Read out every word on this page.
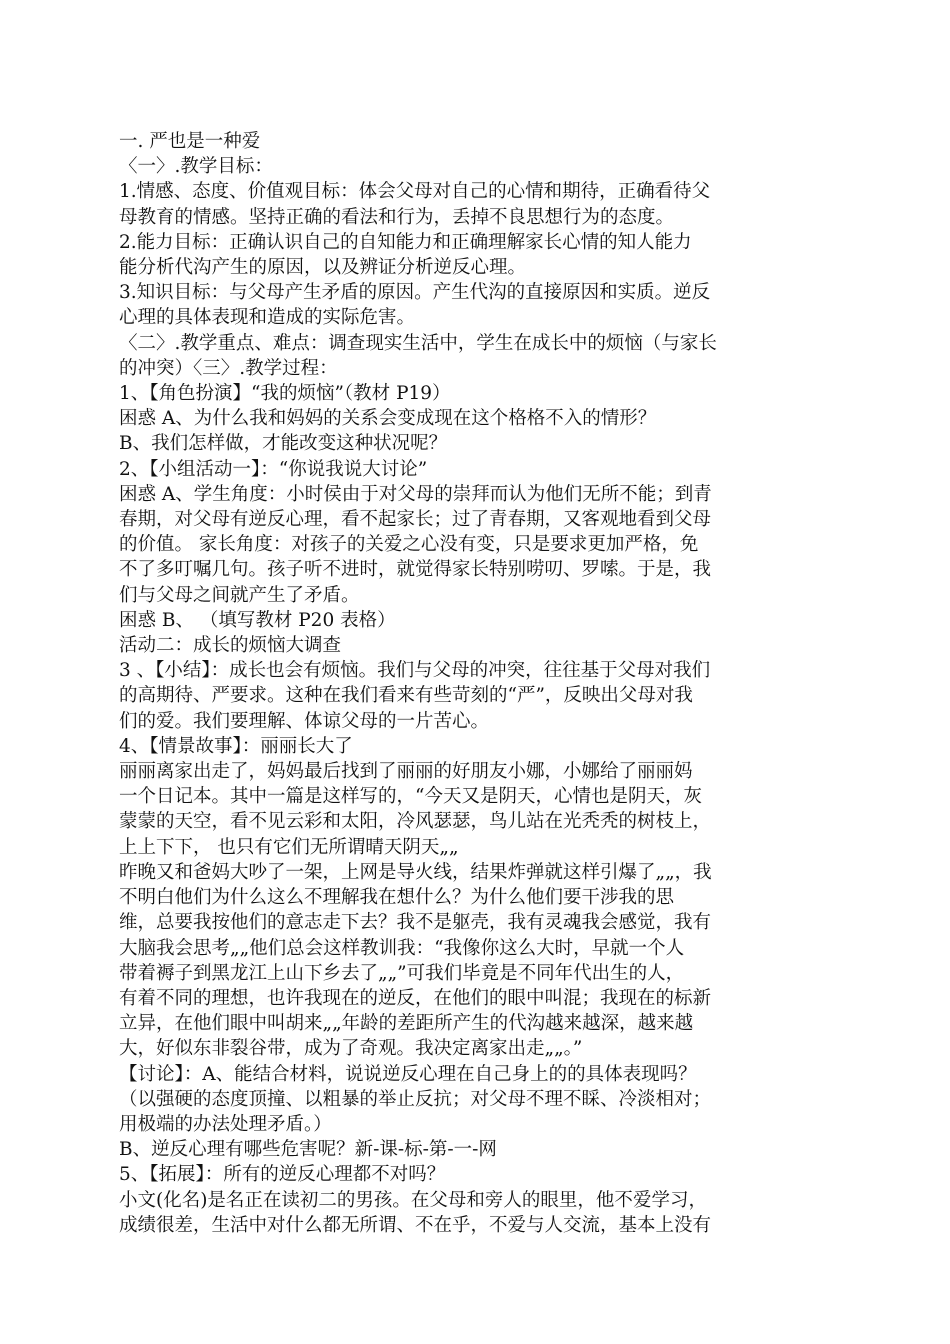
一. 严也是一种爱
〈一〉.教学目标：
1.情感、态度、价值观目标：体会父母对自己的心情和期待，正确看待父
母教育的情感。坚持正确的看法和行为，丢掉不良思想行为的态度。
2.能力目标：正确认识自己的自知能力和正确理解家长心情的知人能力
能分析代沟产生的原因，以及辨证分析逆反心理。
3.知识目标：与父母产生矛盾的原因。产生代沟的直接原因和实质。逆反
心理的具体表现和造成的实际危害。
〈二〉.教学重点、难点：调查现实生活中，学生在成长中的烦恼（与家长
的冲突）〈三〉.教学过程：
1、【角色扮演】“我的烦恼”（教材 P19）
困惑 A、为什么我和妈妈的关系会变成现在这个格格不入的情形？
B、我们怎样做，才能改变这种状况呢？
2、【小组活动一】：“你说我说大讨论”
困惑 A、学生角度：小时侯由于对父母的崇拜而认为他们无所不能；到青
春期，对父母有逆反心理，看不起家长；过了青春期，又客观地看到父母
的价值。 家长角度：对孩子的关爱之心没有变，只是要求更加严格，免
不了多叮嘱几句。孩子听不进时，就觉得家长特别唠叨、罗嗦。于是，我
们与父母之间就产生了矛盾。
困惑 B、 （填写教材 P20 表格）
活动二：成长的烦恼大调查
3 、【小结】：成长也会有烦恼。我们与父母的冲突，往往基于父母对我们
的高期待、严要求。这种在我们看来有些苛刻的“严”，反映出父母对我
们的爱。我们要理解、体谅父母的一片苦心。
4、【情景故事】：丽丽长大了
丽丽离家出走了，妈妈最后找到了丽丽的好朋友小娜，小娜给了丽丽妈
一个日记本。其中一篇是这样写的，“今天又是阴天，心情也是阴天，灰
蒙蒙的天空，看不见云彩和太阳，冷风瑟瑟，鸟儿站在光秃秃的树枝上，
上上下下， 也只有它们无所谓晴天阴天„„
昨晚又和爸妈大吵了一架，上网是导火线，结果炸弹就这样引爆了„„，我
不明白他们为什么这么不理解我在想什么？为什么他们要干涉我的思
维，总要我按他们的意志走下去？我不是躯壳，我有灵魂我会感觉，我有
大脑我会思考„„他们总会这样教训我：“我像你这么大时，早就一个人
带着褥子到黑龙江上山下乡去了„„”可我们毕竟是不同年代出生的人，
有着不同的理想，也许我现在的逆反，在他们的眼中叫混；我现在的标新
立异，在他们眼中叫胡来„„年龄的差距所产生的代沟越来越深，越来越
大，好似东非裂谷带，成为了奇观。我决定离家出走„„。”
【讨论】：A、能结合材料，说说逆反心理在自己身上的的具体表现吗？
（以强硬的态度顶撞、以粗暴的举止反抗；对父母不理不睬、冷淡相对；
用极端的办法处理矛盾。）
B、逆反心理有哪些危害呢？新-课-标-第-一-网
5、【拓展】：所有的逆反心理都不对吗？
小文(化名)是名正在读初二的男孩。在父母和旁人的眼里，他不爱学习，
成绩很差，生活中对什么都无所谓、不在乎，不爱与人交流，基本上没有
